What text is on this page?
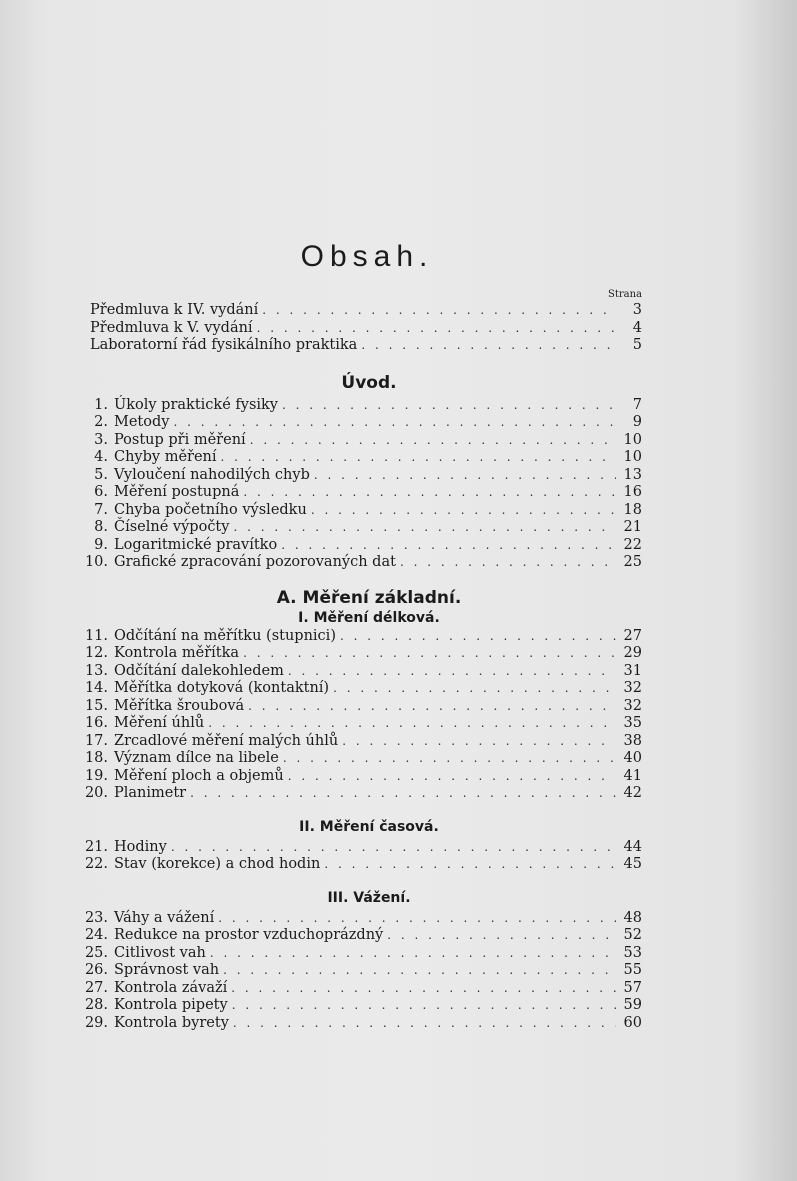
Obsah.
Strana
Předmluva k IV. vydání . . .	3
Předmluva k V. vydání . . .	4
Laboratorní řád fysikálního praktika . . .	5
Úvod.
1. Úkoly praktické fysiky . . .	7
2. Metody . . .	9
3. Postup při měření . . .	10
4. Chyby měření . . .	10
5. Vyloučení nahodilých chyb . . .	13
6. Měření postupná . . .	16
7. Chyba početního výsledku . . .	18
8. Číselné výpočty . . .	21
9. Logaritmické pravítko . . .	22
10. Grafické zpracování pozorovaných dat . . .	25
A. Měření základní.
I. Měření délková.
11. Odčítání na měřítku (stupnici) . . .	27
12. Kontrola měřítka . . .	29
13. Odčítání dalekohledem . . .	31
14. Měřítka dotyková (kontaktní) . . .	32
15. Měřítka šroubová . . .	32
16. Měření úhlů . . .	35
17. Zrcadlové měření malých úhlů . . .	38
18. Význam dílce na libele . . .	40
19. Měření ploch a objemů . . .	41
20. Planimetr . . .	42
II. Měření časová.
21. Hodiny . . .	44
22. Stav (korekce) a chod hodin . . .	45
III. Vážení.
23. Váhy a vážení . . .	48
24. Redukce na prostor vzduchoprázdný . . .	52
25. Citlivost vah . . .	53
26. Správnost vah . . .	55
27. Kontrola závaží . . .	57
28. Kontrola pipety . . .	59
29. Kontrola byrety . . .	60
